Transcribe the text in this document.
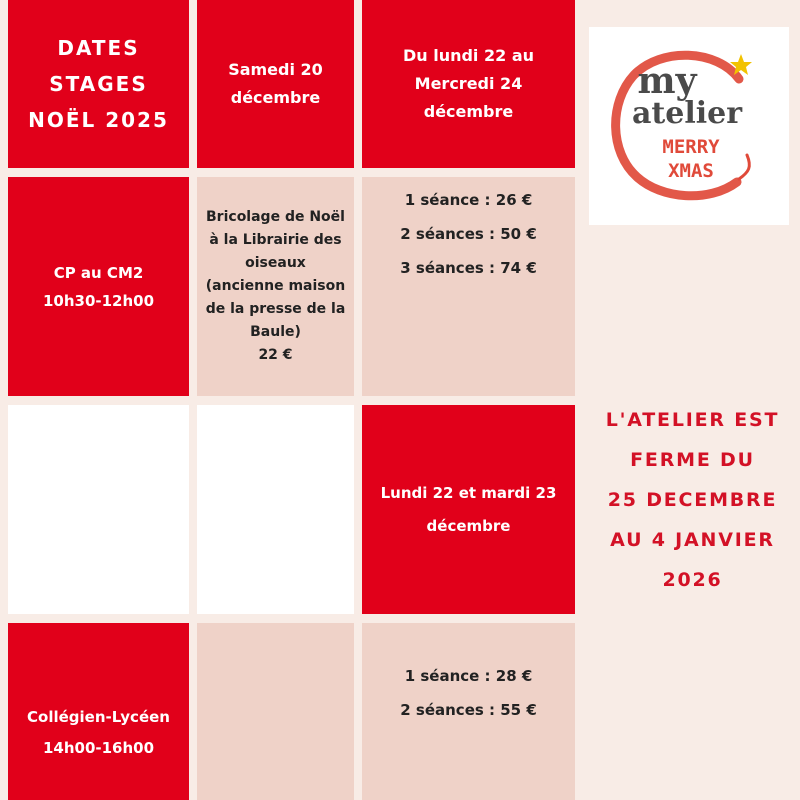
DATES
STAGES
NOËL 2025
Samedi 20
décembre
Du lundi 22 au
Mercredi 24
décembre
my
atelier
MERRY
XMAS
CP au CM2
10h30-12h00
Bricolage de Noël
à la Librairie des
oiseaux
(ancienne maison
de la presse de la
Baule)
22 €
1 séance : 26 €
2 séances : 50 €
3 séances : 74 €
Lundi 22 et mardi 23
décembre
Collégien-Lycéen
14h00-16h00
1 séance : 28 €
2 séances : 55 €
L'ATELIER EST
FERME DU
25 DECEMBRE
AU 4 JANVIER
2026
